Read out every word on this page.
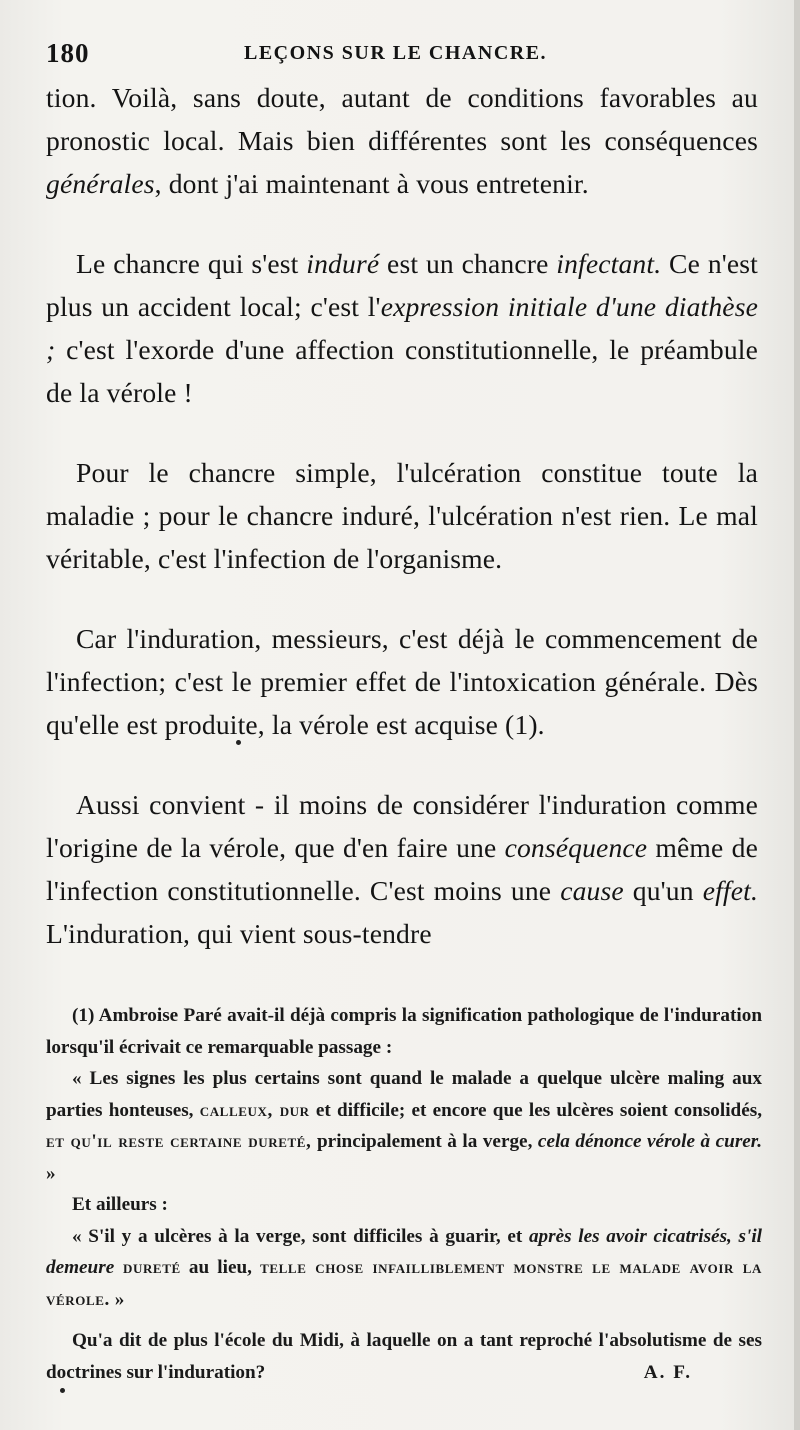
180	LEÇONS SUR LE CHANCRE.

tion. Voilà, sans doute, autant de conditions favorables au pronostic local. Mais bien différentes sont les conséquences générales, dont j'ai maintenant à vous entretenir.

Le chancre qui s'est induré est un chancre infectant. Ce n'est plus un accident local; c'est l'expression initiale d'une diathèse ; c'est l'exorde d'une affection constitutionnelle, le préambule de la vérole !

Pour le chancre simple, l'ulcération constitue toute la maladie ; pour le chancre induré, l'ulcération n'est rien. Le mal véritable, c'est l'infection de l'organisme.

Car l'induration, messieurs, c'est déjà le commencement de l'infection; c'est le premier effet de l'intoxication générale. Dès qu'elle est produite, la vérole est acquise (1).

Aussi convient - il moins de considérer l'induration comme l'origine de la vérole, que d'en faire une conséquence même de l'infection constitutionnelle. C'est moins une cause qu'un effet. L'induration, qui vient sous-tendre

(1) Ambroise Paré avait-il déjà compris la signification pathologique de l'induration lorsqu'il écrivait ce remarquable passage :

« Les signes les plus certains sont quand le malade a quelque ulcère maling aux parties honteuses, calleux, dur et difficile; et encore que les ulcères soient consolidés, et qu'il reste certaine dureté, principalement à la verge, cela dénonce vérole à curer. »

Et ailleurs :

« S'il y a ulcères à la verge, sont difficiles à guarir, et après les avoir cicatrisés, s'il demeure dureté au lieu, telle chose infailliblement monstre le malade avoir la vérole. »

Qu'a dit de plus l'école du Midi, à laquelle on a tant reproché l'absolutisme de ses doctrines sur l'induration?	A. F.
